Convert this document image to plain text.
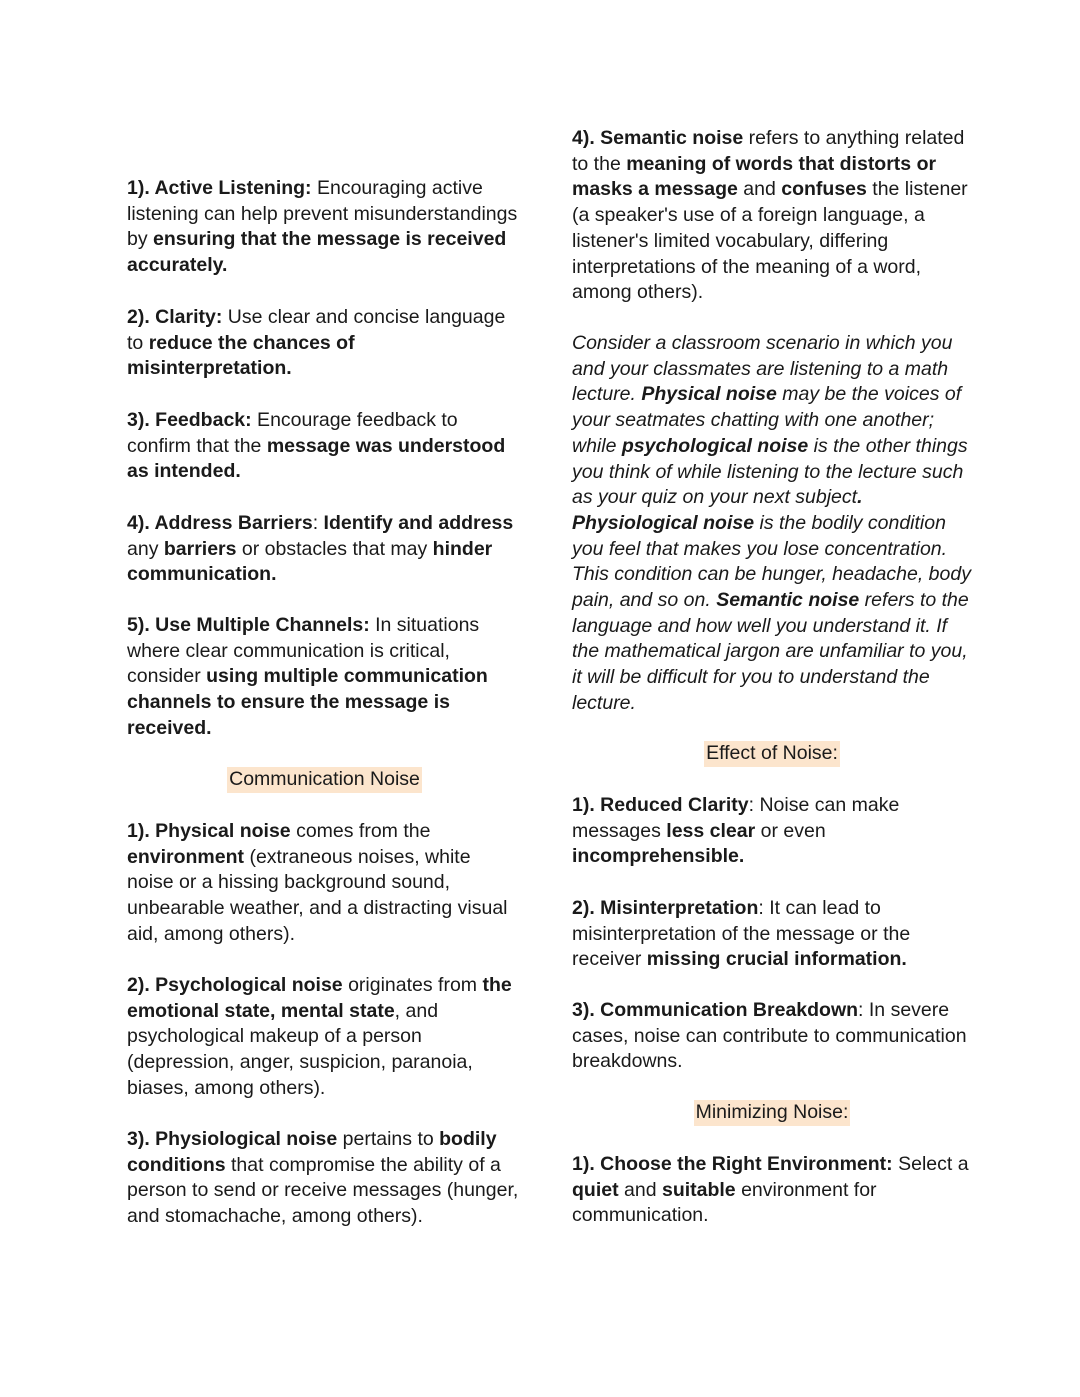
1). Active Listening: Encouraging active listening can help prevent misunderstandings by ensuring that the message is received accurately.

2). Clarity: Use clear and concise language to reduce the chances of misinterpretation.

3). Feedback: Encourage feedback to confirm that the message was understood as intended.

4). Address Barriers: Identify and address any barriers or obstacles that may hinder communication.

5). Use Multiple Channels: In situations where clear communication is critical, consider using multiple communication channels to ensure the message is received.

Communication Noise

1). Physical noise comes from the environment (extraneous noises, white noise or a hissing background sound, unbearable weather, and a distracting visual aid, among others).

2). Psychological noise originates from the emotional state, mental state, and psychological makeup of a person (depression, anger, suspicion, paranoia, biases, among others).

3). Physiological noise pertains to bodily conditions that compromise the ability of a person to send or receive messages (hunger, and stomachache, among others).

4). Semantic noise refers to anything related to the meaning of words that distorts or masks a message and confuses the listener (a speaker's use of a foreign language, a listener's limited vocabulary, differing interpretations of the meaning of a word, among others).

Consider a classroom scenario in which you and your classmates are listening to a math lecture. Physical noise may be the voices of your seatmates chatting with one another; while psychological noise is the other things you think of while listening to the lecture such as your quiz on your next subject. Physiological noise is the bodily condition you feel that makes you lose concentration. This condition can be hunger, headache, body pain, and so on. Semantic noise refers to the language and how well you understand it. If the mathematical jargon are unfamiliar to you, it will be difficult for you to understand the lecture.

Effect of Noise:

1). Reduced Clarity: Noise can make messages less clear or even incomprehensible.

2). Misinterpretation: It can lead to misinterpretation of the message or the receiver missing crucial information.

3). Communication Breakdown: In severe cases, noise can contribute to communication breakdowns.

Minimizing Noise:

1). Choose the Right Environment: Select a quiet and suitable environment for communication.
